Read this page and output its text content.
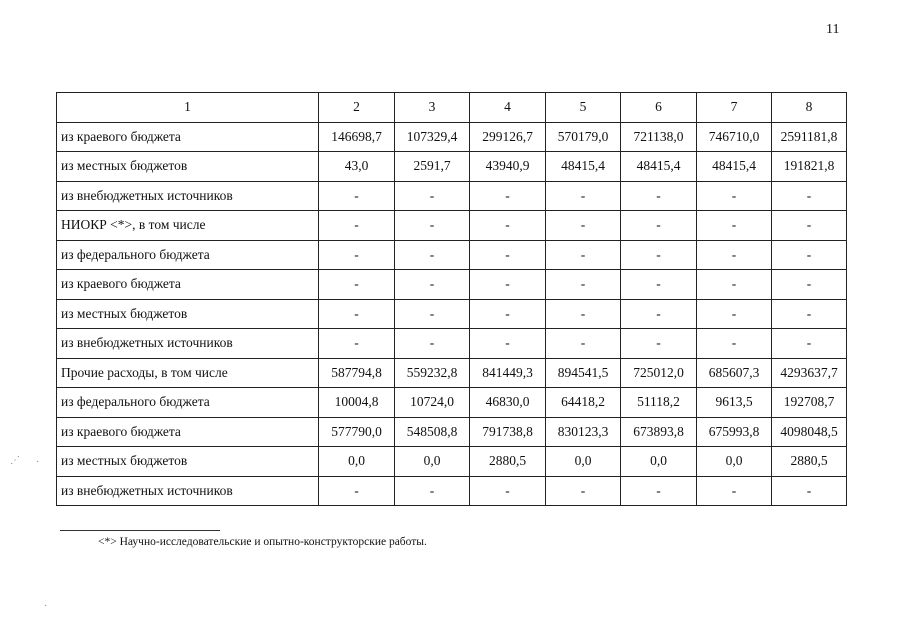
11
1	2	3	4	5	6	7	8
из краевого бюджета	146698,7	107329,4	299126,7	570179,0	721138,0	746710,0	2591181,8
из местных бюджетов	43,0	2591,7	43940,9	48415,4	48415,4	48415,4	191821,8
из внебюджетных источников	-	-	-	-	-	-	-
НИОКР <*>, в том числе	-	-	-	-	-	-	-
из федерального бюджета	-	-	-	-	-	-	-
из краевого бюджета	-	-	-	-	-	-	-
из местных бюджетов	-	-	-	-	-	-	-
из внебюджетных источников	-	-	-	-	-	-	-
Прочие расходы, в том числе	587794,8	559232,8	841449,3	894541,5	725012,0	685607,3	4293637,7
из федерального бюджета	10004,8	10724,0	46830,0	64418,2	51118,2	9613,5	192708,7
из краевого бюджета	577790,0	548508,8	791738,8	830123,3	673893,8	675993,8	4098048,5
из местных бюджетов	0,0	0,0	2880,5	0,0	0,0	0,0	2880,5
из внебюджетных источников	-	-	-	-	-	-	-
<*> Научно-исследовательские и опытно-конструкторские работы.
⋰ ·
·
